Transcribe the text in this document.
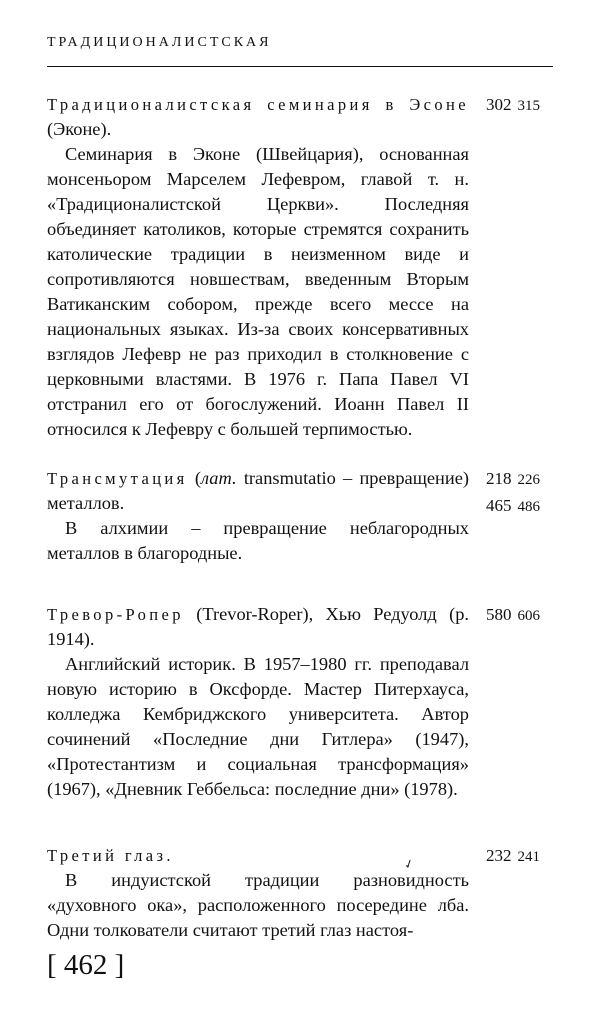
ТРАДИЦИОНАЛИСТСКАЯ

Традиционалистская семинария в Эсоне (Эконе).

Семинария в Эконе (Швейцария), основанная монсеньором Марселем Лефевром, главой т. н. «Традиционалистской Церкви». Последняя объединяет католиков, которые стремятся сохранить католические традиции в неизменном виде и сопротивляются новшествам, введенным Вторым Ватиканским собором, прежде всего мессе на национальных языках. Из-за своих консервативных взглядов Лефевр не раз приходил в столкновение с церковными властями. В 1976 г. Папа Павел VI отстранил его от богослужений. Иоанн Павел II относился к Лефевру с большей терпимостью.

302 315

Трансмутация (лат. transmutatio – превращение) металлов.

В алхимии – превращение неблагородных металлов в благородные.

218 226
465 486

Тревор-Ропер (Trevor-Roper), Хью Редуолд (р. 1914).

Английский историк. В 1957–1980 гг. преподавал новую историю в Оксфорде. Мастер Питерхауса, колледжа Кембриджского университета. Автор сочинений «Последние дни Гитлера» (1947), «Протестантизм и социальная трансформация» (1967), «Дневник Геббельса: последние дни» (1978).

580 606

Третий глаз.

В индуистской традиции разновидность «духовного ока», расположенного посередине лба. Одни толкователи считают третий глаз настоя-

232 241
✓
[ 462 ]
